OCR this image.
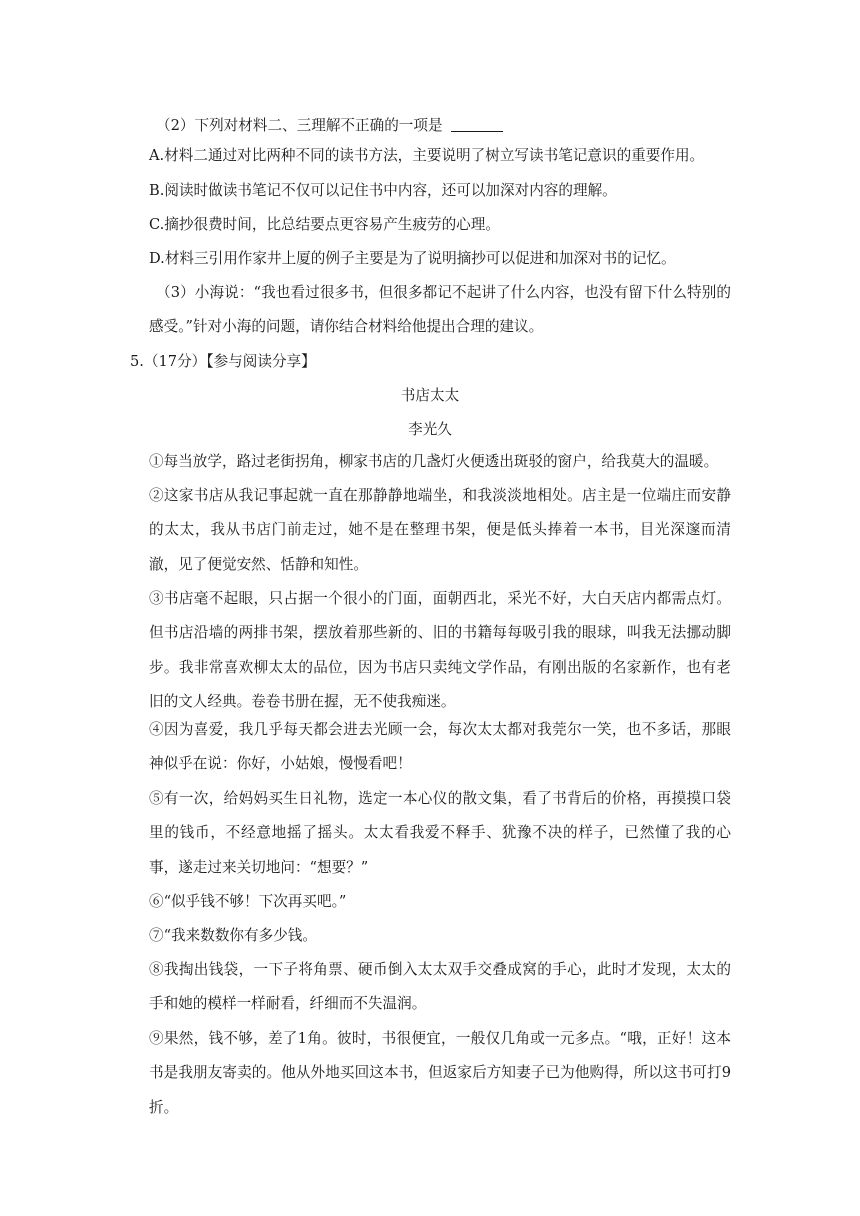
（2）下列对材料二、三理解不正确的一项是
A.材料二通过对比两种不同的读书方法，主要说明了树立写读书笔记意识的重要作用。
B.阅读时做读书笔记不仅可以记住书中内容，还可以加深对内容的理解。
C.摘抄很费时间，比总结要点更容易产生疲劳的心理。
D.材料三引用作家井上厦的例子主要是为了说明摘抄可以促进和加深对书的记忆。
（3）小海说：“我也看过很多书，但很多都记不起讲了什么内容，也没有留下什么特别的感受。”针对小海的问题，请你结合材料给他提出合理的建议。
5.（17分）【参与阅读分享】
书店太太
李光久
①每当放学，路过老街拐角，柳家书店的几盏灯火便透出斑驳的窗户，给我莫大的温暖。
②这家书店从我记事起就一直在那静静地端坐，和我淡淡地相处。店主是一位端庄而安静的太太，我从书店门前走过，她不是在整理书架，便是低头捧着一本书，目光深邃而清澈，见了便觉安然、恬静和知性。
③书店毫不起眼，只占据一个很小的门面，面朝西北，采光不好，大白天店内都需点灯。但书店沿墙的两排书架，摆放着那些新的、旧的书籍每每吸引我的眼球，叫我无法挪动脚步。我非常喜欢柳太太的品位，因为书店只卖纯文学作品，有刚出版的名家新作，也有老旧的文人经典。卷卷书册在握，无不使我痴迷。
④因为喜爱，我几乎每天都会进去光顾一会，每次太太都对我莞尔一笑，也不多话，那眼神似乎在说：你好，小姑娘，慢慢看吧！
⑤有一次，给妈妈买生日礼物，选定一本心仪的散文集，看了书背后的价格，再摸摸口袋里的钱币，不经意地摇了摇头。太太看我爱不释手、犹豫不决的样子，已然懂了我的心事，遂走过来关切地问：“想要？”
⑥“似乎钱不够！下次再买吧。”
⑦“我来数数你有多少钱。
⑧我掏出钱袋，一下子将角票、硬币倒入太太双手交叠成窝的手心，此时才发现，太太的手和她的模样一样耐看，纤细而不失温润。
⑨果然，钱不够，差了1角。彼时，书很便宜，一般仅几角或一元多点。“哦，正好！这本书是我朋友寄卖的。他从外地买回这本书，但返家后方知妻子已为他购得，所以这书可打9折。
